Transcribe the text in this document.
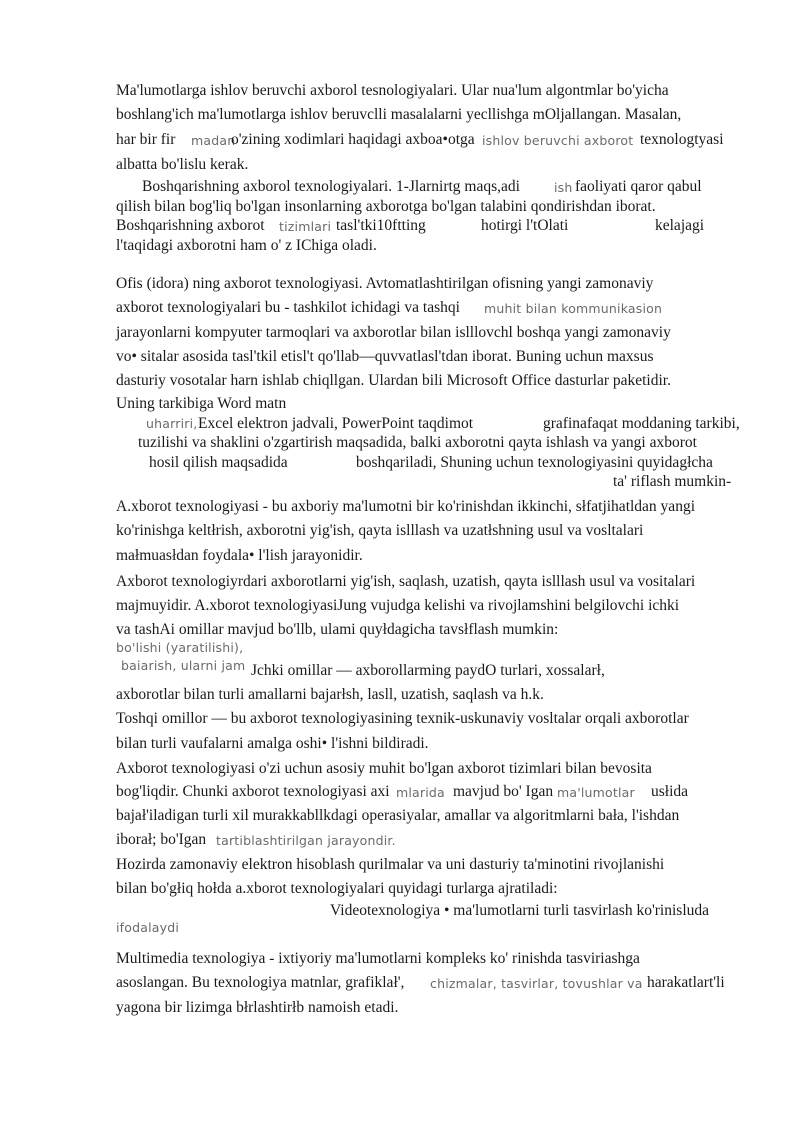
Ma'lumotlarga ishlov beruvchi axborol tesnologiyalari. Ular nua'lum algontmlar bo'yicha
boshlang'ich ma'lumotlarga ishlov beruvclli masalalarni yecllishga mOljallangan. Masalan,
har bir fir madan
o'zining xodimlari haqidagi axboa•otga ishlov beruvchi axborot texnologtyasi
albatta bo'lislu kerak.
Boshqarishning axborol texnologiyalari. 1-Jlarnirtg maqs,adi	ish faoliyati qaror qabul
qilish bilan bog'liq bo'lgan insonlarning axborotga bo'lgan talabini qondirishdan iborat.
Boshqarishning axborot tizimlari tasl'tki10ftting	hotirgi l'tOlati	kelajagi
l'taqidagi axborotni ham o' z IChiga oladi.
Ofis (idora) ning axborot texnologiyasi. Avtomatlashtirilgan ofisning yangi zamonaviy
axborot texnologiyalari bu - tashkilot ichidagi va tashqi muhit bilan kommunikasion
jarayonlarni kompyuter tarmoqlari va axborotlar bilan islllovchl boshqa yangi zamonaviy
vo• sitalar asosida tasl'tkil etisl't qo'llab—quvvatlasl'tdan iborat. Buning uchun maxsus
dasturiy vosotalar harn ishlab chiqllgan. Ulardan bili Microsoft Office dasturlar paketidir.
Uning tarkibiga Word matn
uharriri, Excel elektron jadvali, PowerPoint taqdimot	grafinafaqat moddaning tarkibi,
tuzilishi va shaklini o'zgartirish maqsadida, balki axborotni qayta ishlash va yangi axborot
hosil qilish maqsadida	boshqariladi, Shuning uchun texnologiyasini quyidagłcha
ta' riflash mumkin-
A.xborot texnologiyasi - bu axboriy ma'lumotni bir ko'rinishdan ikkinchi, słfatjihatldan yangi
ko'rinishga keltłrish, axborotni yig'ish, qayta islllash va uzatłshning usul va vosltalari
małmuasłdan foydala• l'lish jarayonidir.
Axborot texnologiyrdari axborotlarni yig'ish, saqlash, uzatish, qayta islllash usul va vositalari
majmuyidir. A.xborot texnologiyasiJung vujudga kelishi va rivojlamshini belgilovchi ichki
va tashAi omillar mavjud bo'llb, ulami quyłdagicha tavsłflash mumkin:
bo'lishi (yaratilishi),
baiarish, ularni jam Jchki omillar — axborollarming paydO turlari, xossalarł,
axborotlar bilan turli amallarni bajarłsh, lasll, uzatish, saqlash va h.k.
Toshqi omillor — bu axborot texnologiyasining texnik-uskunaviy vosltalar orqali axborotlar
bilan turli vaufalarni amalga oshi• l'ishni bildiradi.
Axborot texnologiyasi o'zi uchun asosiy muhit bo'lgan axborot tizimlari bilan bevosita
bog'liqdir. Chunki axborot texnologiyasi axi mlarida mavjud bo' Igan ma'lumotlar usłida
bajał'iladigan turli xil murakkabllkdagi operasiyalar, amallar va algoritmlarni bała, l'ishdan
iborał; bo'Igan tartiblashtirilgan jarayondir.
Hozirda zamonaviy elektron hisoblash qurilmalar va uni dasturiy ta'minotini rivojlanishi
bilan bo'głiq hołda a.xborot texnologiyalari quyidagi turlarga ajratiladi:
Videotexnologiya • ma'lumotlarni turli tasvirlash ko'rinisluda
ifodalaydi
Multimedia texnologiya - ixtiyoriy ma'lumotlarni kompleks ko' rinishda tasviriashga
asoslangan. Bu texnologiya matnlar, grafiklał', chizmalar, tasvirlar, tovushlar va harakatlart'li
yagona bir lizimga błrlashtirłb namoish etadi.
